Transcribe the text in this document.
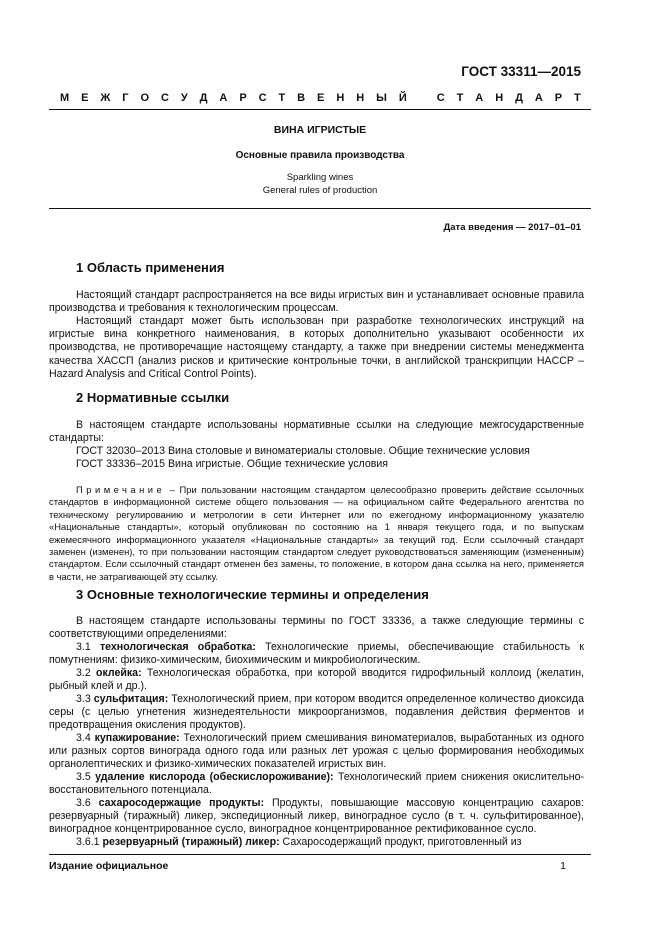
ГОСТ 33311—2015
М Е Ж Г О С У Д А Р С Т В Е Н Н Ы Й
	С Т А Н Д А Р Т
ВИНА ИГРИСТЫЕ
Основные правила производства
Sparkling wines
General rules of production
Дата введения — 2017–01–01
1 Область применения

Настоящий стандарт распространяется на все виды игристых вин и устанавливает основные правила производства и требования к технологическим процессам.

Настоящий стандарт может быть использован при разработке технологических инструкций на игристые вина конкретного наименования, в которых дополнительно указывают особенности их производства, не противоречащие настоящему стандарту, а также при внедрении системы менеджмента качества ХАССП (анализ рисков и критические контрольные точки, в английской транскрипции HACCP – Hazard Analysis and Critical Control Points).

2 Нормативные ссылки

В настоящем стандарте использованы нормативные ссылки на следующие межгосударственные стандарты:

ГОСТ 32030–2013 Вина столовые и виноматериалы столовые. Общие технические условия

ГОСТ 33336–2015 Вина игристые. Общие технические условия

Примечание – При пользовании настоящим стандартом целесообразно проверить действие ссылочных стандартов в информационной системе общего пользования — на официальном сайте Федерального агентства по техническому регулированию и метрологии в сети Интернет или по ежегодному информационному указателю «Национальные стандарты», который опубликован по состоянию на 1 января текущего года, и по выпускам ежемесячного информационного указателя «Национальные стандарты» за текущий год. Если ссылочный стандарт заменен (изменен), то при пользовании настоящим стандартом следует руководствоваться заменяющим (измененным) стандартом. Если ссылочный стандарт отменен без замены, то положение, в котором дана ссылка на него, применяется в части, не затрагивающей эту ссылку.

3 Основные технологические термины и определения

В настоящем стандарте использованы термины по ГОСТ 33336, а также следующие термины с соответствующими определениями:

3.1 технологическая обработка: Технологические приемы, обеспечивающие стабильность к помутнениям: физико-химическим, биохимическим и микробиологическим.

3.2 оклейка: Технологическая обработка, при которой вводится гидрофильный коллоид (желатин, рыбный клей и др.).

3.3 сульфитация: Технологический прием, при котором вводится определенное количество диоксида серы (с целью угнетения жизнедеятельности микроорганизмов, подавления действия ферментов и предотвращения окисления продуктов).

3.4 купажирование: Технологический прием смешивания виноматериалов, выработанных из одного или разных сортов винограда одного года или разных лет урожая с целью формирования необходимых органолептических и физико-химических показателей игристых вин.

3.5 удаление кислорода (обескислороживание): Технологический прием снижения окислительно-восстановительного потенциала.

3.6 сахаросодержащие продукты: Продукты, повышающие массовую концентрацию сахаров: резервуарный (тиражный) ликер, экспедиционный ликер, виноградное сусло (в т. ч. сульфитированное), виноградное концентрированное сусло, виноградное концентрированное ректификованное сусло.

3.6.1 резервуарный (тиражный) ликер: Сахаросодержащий продукт, приготовленный из

Издание официальное	1
